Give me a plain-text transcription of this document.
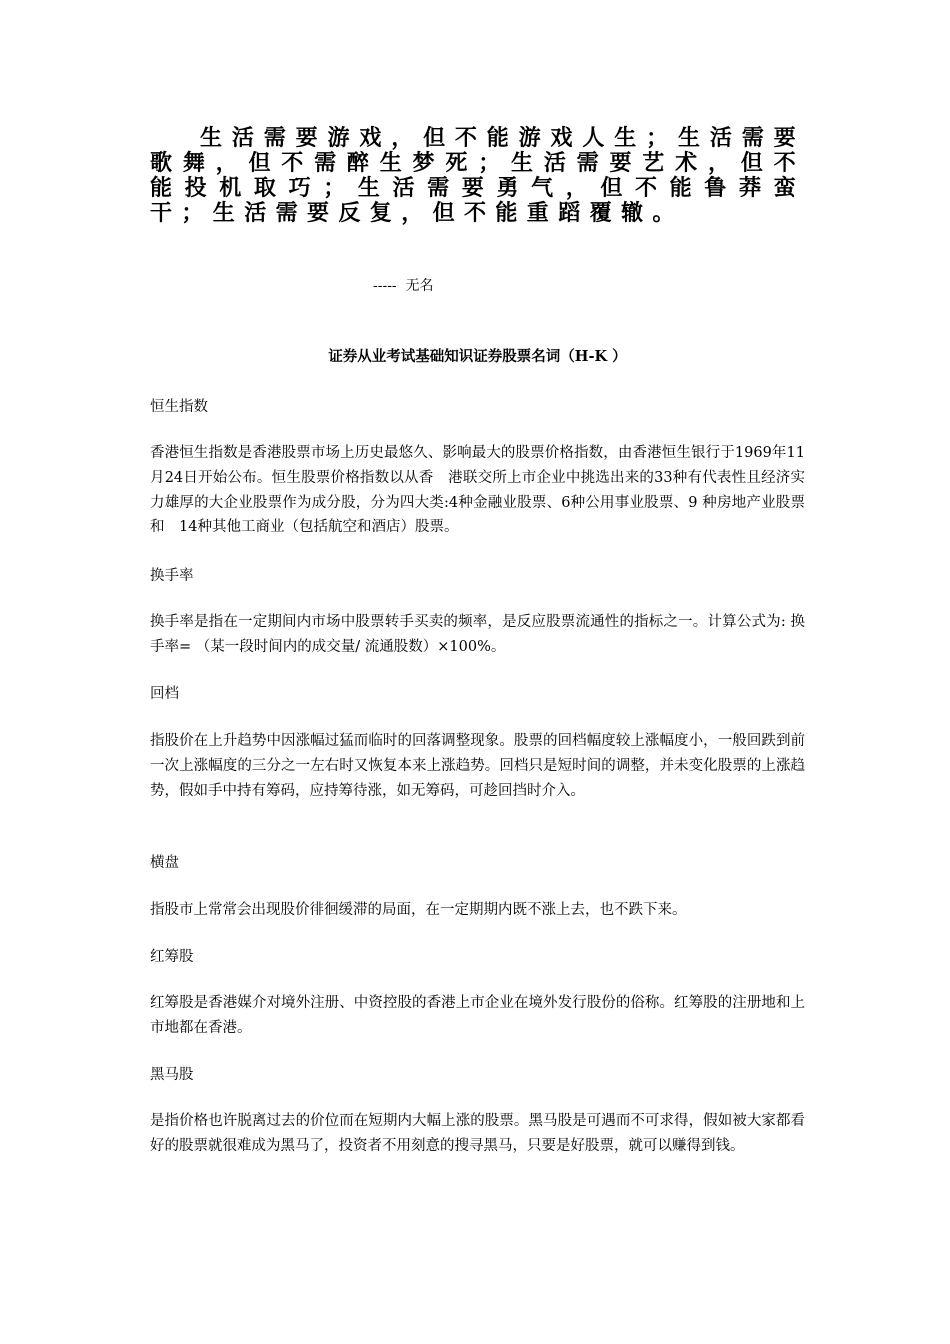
生活需要游戏，但不能游戏人生；生活需要歌舞，但不需醉生梦死；生活需要艺术，但不能投机取巧；生活需要勇气，但不能鲁莽蛮干；生活需要反复，但不能重蹈覆辙。

-----  无名

证券从业考试基础知识证券股票名词（H-K ）

恒生指数

香港恒生指数是香港股票市场上历史最悠久、影响最大的股票价格指数，由香港恒生银行于1969年11月24日开始公布。恒生股票价格指数以从香　港联交所上市企业中挑选出来的33种有代表性且经济实力雄厚的大企业股票作为成分股，分为四大类:4种金融业股票、6种公用事业股票、9 种房地产业股票和　14种其他工商业（包括航空和酒店）股票。

换手率

换手率是指在一定期间内市场中股票转手买卖的频率，是反应股票流通性的指标之一。计算公式为: 换手率= （某一段时间内的成交量/ 流通股数）×100%。

回档

指股价在上升趋势中因涨幅过猛而临时的回落调整现象。股票的回档幅度较上涨幅度小，一般回跌到前一次上涨幅度的三分之一左右时又恢复本来上涨趋势。回档只是短时间的调整，并未变化股票的上涨趋势，假如手中持有筹码，应持筹待涨，如无筹码，可趁回挡时介入。

横盘

指股市上常常会出现股价徘徊缓滞的局面，在一定期期内既不涨上去，也不跌下来。

红筹股

红筹股是香港媒介对境外注册、中资控股的香港上市企业在境外发行股份的俗称。红筹股的注册地和上市地都在香港。

黑马股

是指价格也许脱离过去的价位而在短期内大幅上涨的股票。黑马股是可遇而不可求得，假如被大家都看好的股票就很难成为黑马了，投资者不用刻意的搜寻黑马，只要是好股票，就可以赚得到钱。
